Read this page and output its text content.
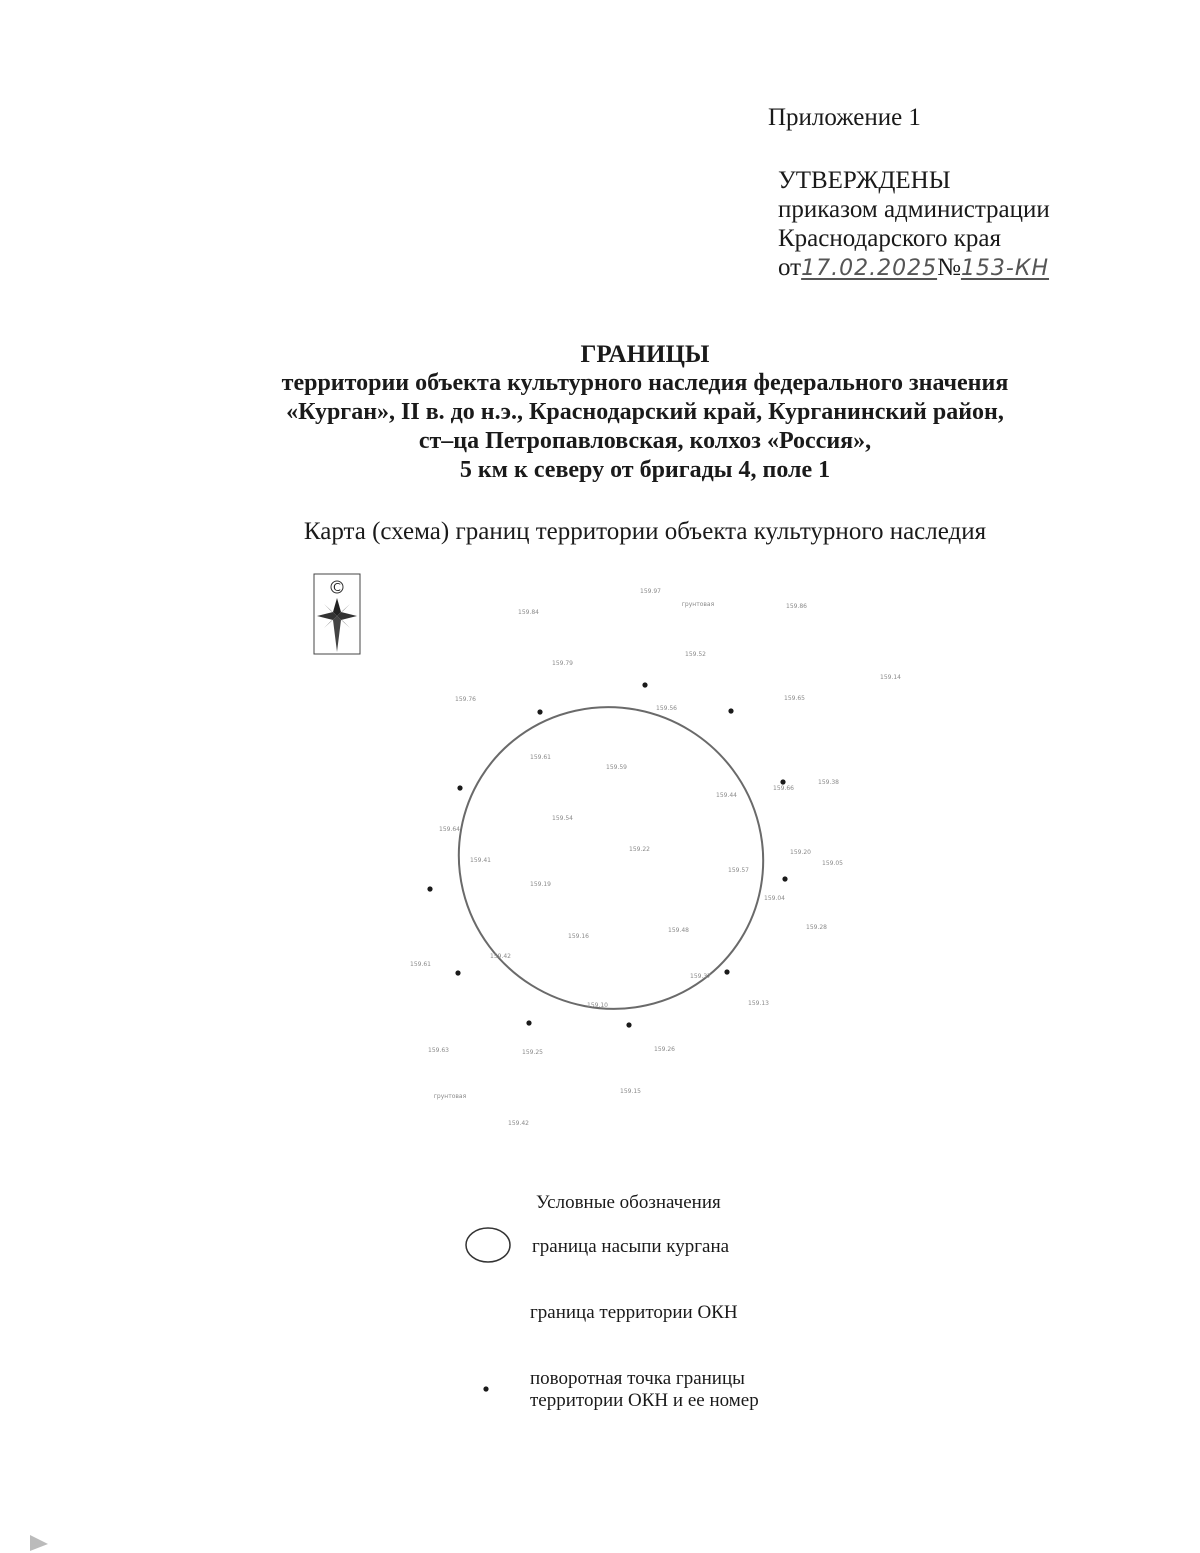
Приложение 1
УТВЕРЖДЕНЫ
приказом администрации
Краснодарского края
от17.02.2025№153-КН
ГРАНИЦЫ
территории объекта культурного наследия федерального значения
«Курган», II в. до н.э., Краснодарский край, Курганинский район,
ст–ца Петропавловская, колхоз «Россия»,
5 км к северу от бригады 4, поле 1
Карта (схема) границ территории объекта культурного наследия
С
159.59
159.54
159.22
159.44
159.57
159.48
159.16
159.19
159.41
159.61
159.56
159.65
159.66
159.38
159.05
159.04
159.28
159.13
159.37
159.42
159.64
159.76
159.79
159.52
159.14
159.97
159.84
159.86
159.61
159.63	159.25	159.26
159.15
159.42
159.10
159.20
грунтовая
грунтовая
Условные обозначения
граница насыпи кургана
граница территории ОКН
поворотная точка границы
территории ОКН и ее номер
